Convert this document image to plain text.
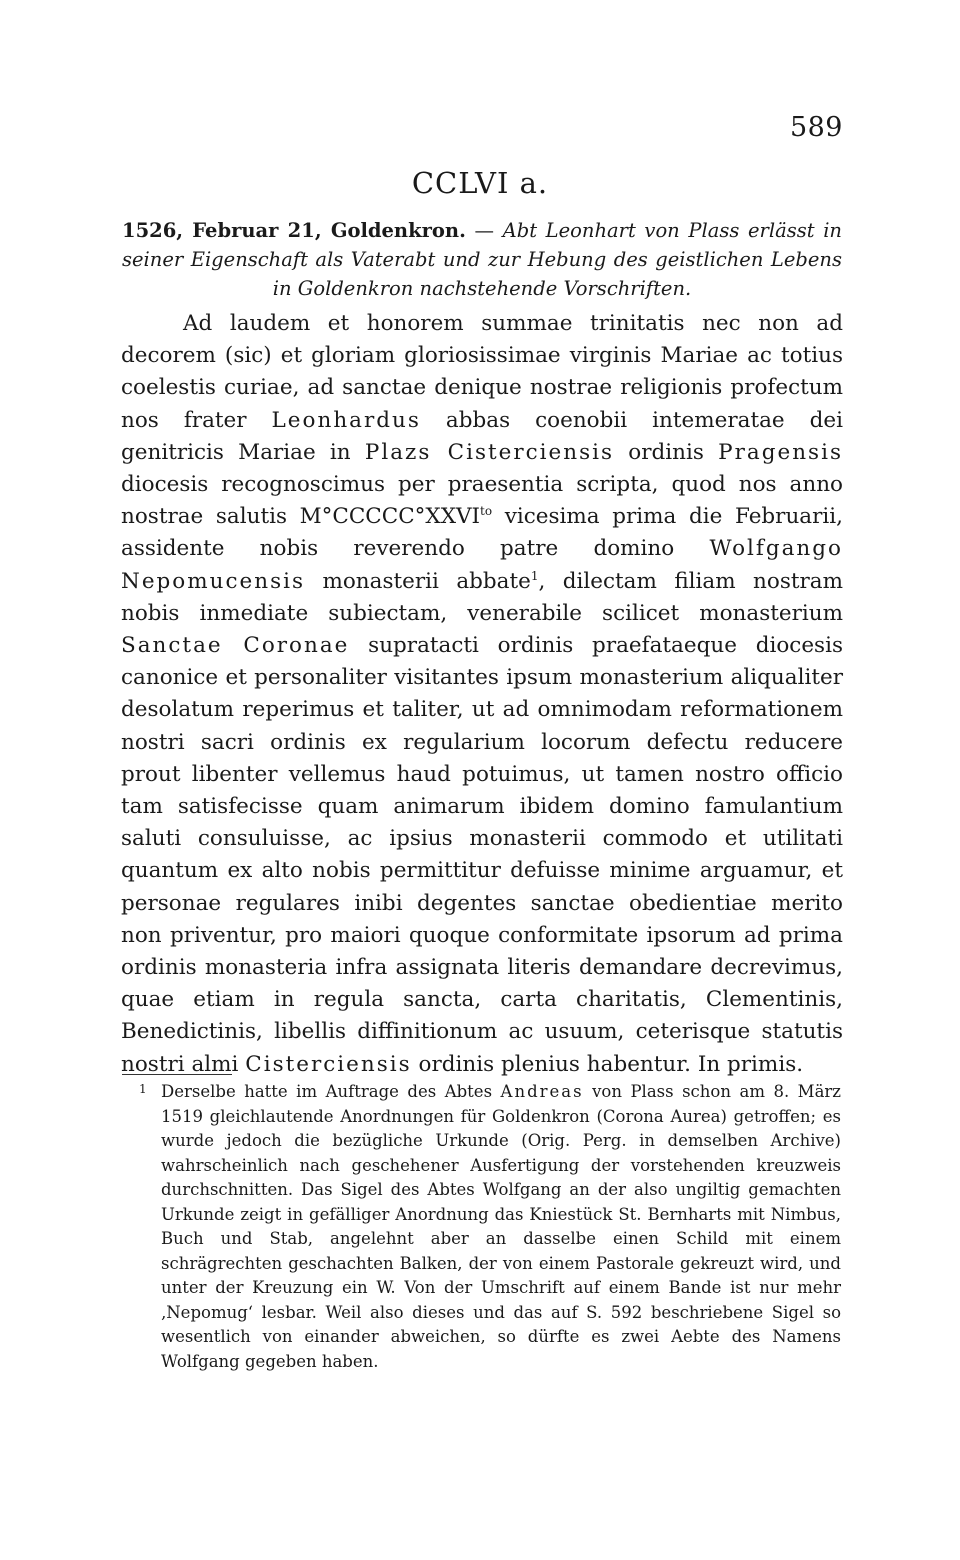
589
CCLVI a.
1526, Februar 21, Goldenkron. — Abt Leonhart von Plass erlässt in seiner Eigenschaft als Vaterabt und zur Hebung des geistlichen Lebens in Goldenkron nachstehende Vorschriften.

Ad laudem et honorem summae trinitatis nec non ad decorem (sic) et gloriam gloriosissimae virginis Mariae ac totius coelestis curiae, ad sanctae denique nostrae religionis profectum nos frater Leonhardus abbas coenobii intemeratae dei genitricis Mariae in Plazs Cisterciensis ordinis Pragensis diocesis recognoscimus per praesentia scripta, quod nos anno nostrae salutis $M^\circ CCCCC^\circ XXVI^{to}$ vicesima prima die Februarii, assidente nobis reverendo patre domino Wolfgango Nepomucensis monasterii abbate$^1$, dilectam filiam nostram nobis inmediate subiectam, venerabile scilicet monasterium Sanctae Coronae supratacti ordinis praefataeque diocesis canonice et personaliter visitantes ipsum monasterium aliqualiter desolatum reperimus et taliter, ut ad omnimodam reformationem nostri sacri ordinis ex regularium locorum defectu reducere prout libenter vellemus haud potuimus, ut tamen nostro officio tam satisfecisse quam animarum ibidem domino famulantium saluti consuluisse, ac ipsius monasterii commodo et utilitati quantum ex alto nobis permittitur defuisse minime arguamur, et personae regulares inibi degentes sanctae obedientiae merito non priventur, pro maiori quoque conformitate ipsorum ad prima ordinis monasteria infra assignata literis demandare decrevimus, quae etiam in regula sancta, carta charitatis, Clementinis, Benedictinis, libellis diffinitionum ac usuum, ceterisque statutis nostri almi Cisterciensis ordinis plenius habentur. In primis.

1 Derselbe hatte im Auftrage des Abtes Andreas von Plass schon am 8. März 1519 gleichlautende Anordnungen für Goldenkron (Corona Aurea) getroffen; es wurde jedoch die bezügliche Urkunde (Orig. Perg. in demselben Archive) wahrscheinlich nach geschehener Ausfertigung der vorstehenden kreuzweis durchschnitten. Das Sigel des Abtes Wolfgang an der also ungiltig gemachten Urkunde zeigt in gefälliger Anordnung das Kniestück St. Bernharts mit Nimbus, Buch und Stab, angelehnt aber an dasselbe einen Schild mit einem schrägrechten geschachten Balken, der von einem Pastorale gekreuzt wird, und unter der Kreuzung ein W. Von der Umschrift auf einem Bande ist nur mehr ‚Nepomug‘ lesbar. Weil also dieses und das auf S. 592 beschriebene Sigel so wesentlich von einander abweichen, so dürfte es zwei Aebte des Namens Wolfgang gegeben haben.
